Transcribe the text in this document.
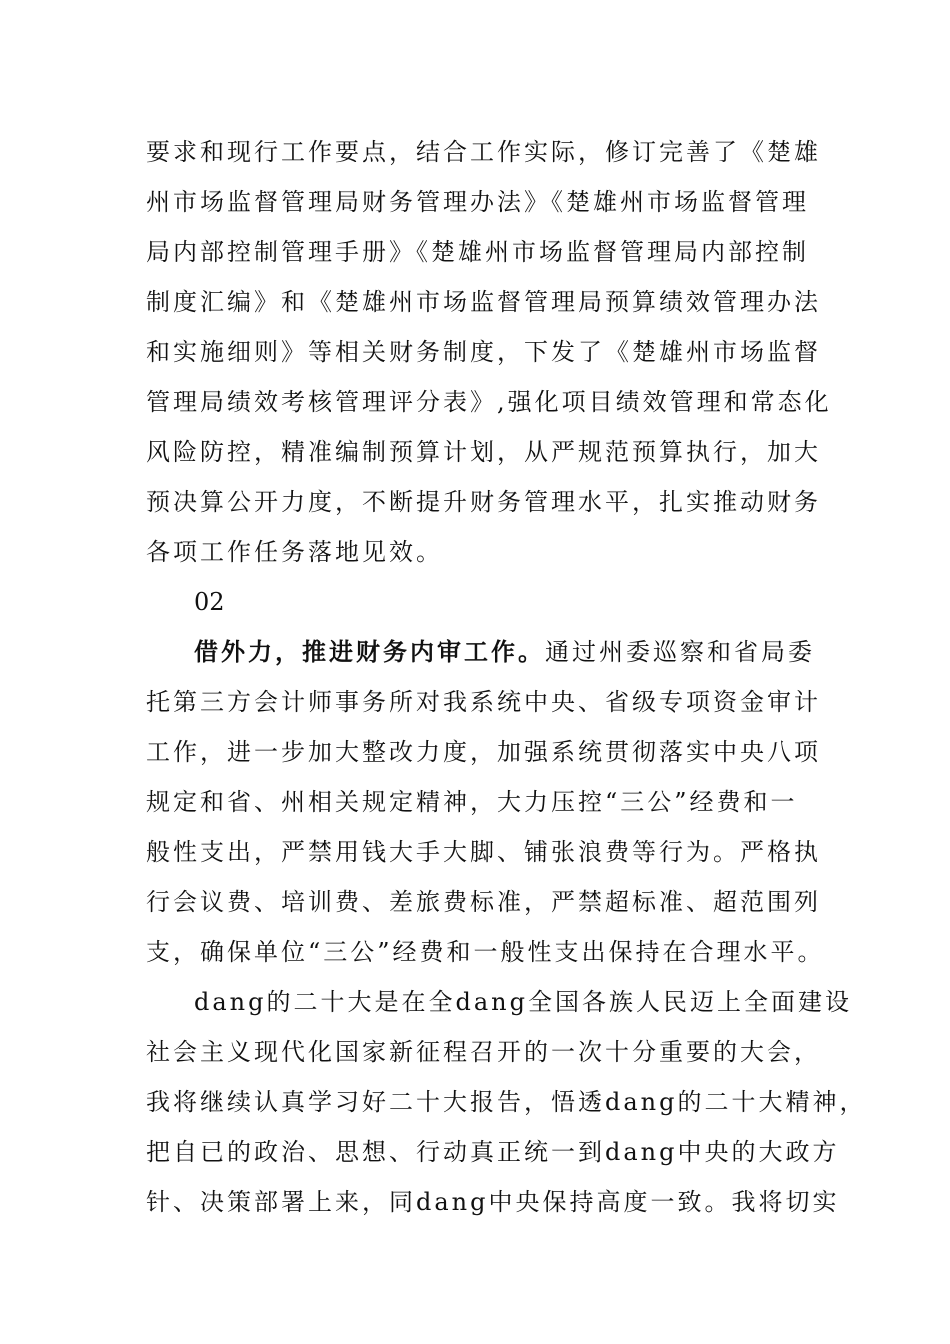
要求和现行工作要点，结合工作实际，修订完善了《楚雄
州市场监督管理局财务管理办法》《楚雄州市场监督管理
局内部控制管理手册》《楚雄州市场监督管理局内部控制
制度汇编》和《楚雄州市场监督管理局预算绩效管理办法
和实施细则》等相关财务制度，下发了《楚雄州市场监督
管理局绩效考核管理评分表》,强化项目绩效管理和常态化
风险防控，精准编制预算计划，从严规范预算执行，加大
预决算公开力度，不断提升财务管理水平，扎实推动财务
各项工作任务落地见效。
02
借外力，推进财务内审工作。通过州委巡察和省局委
托第三方会计师事务所对我系统中央、省级专项资金审计
工作，进一步加大整改力度，加强系统贯彻落实中央八项
规定和省、州相关规定精神，大力压控“三公”经费和一
般性支出，严禁用钱大手大脚、铺张浪费等行为。严格执
行会议费、培训费、差旅费标准，严禁超标准、超范围列
支，确保单位“三公”经费和一般性支出保持在合理水平。
dang的二十大是在全dang全国各族人民迈上全面建设
社会主义现代化国家新征程召开的一次十分重要的大会，
我将继续认真学习好二十大报告，悟透dang的二十大精神，
把自已的政治、思想、行动真正统一到dang中央的大政方
针、决策部署上来，同dang中央保持高度一致。我将切实
